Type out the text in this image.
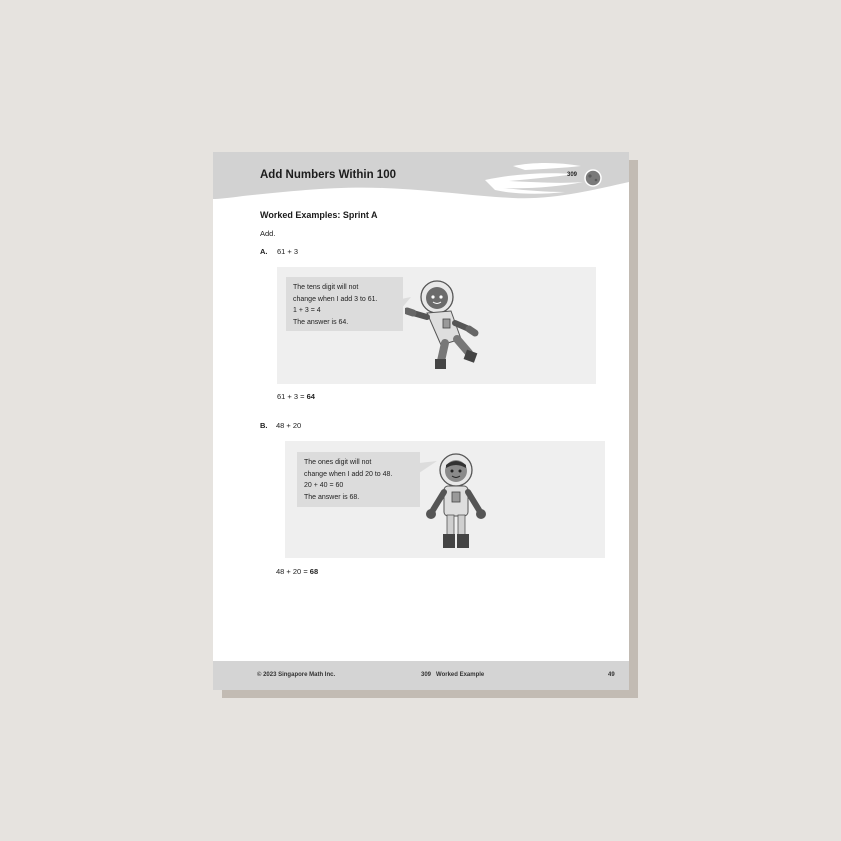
Add Numbers Within 100	309
Worked Examples: Sprint A
Add.
A. 61 + 3
The tens digit will not
change when I add 3 to 61.
1 + 3 = 4
The answer is 64.
61 + 3 = 64
B. 48 + 20
The ones digit will not
change when I add 20 to 48.
20 + 40 = 60
The answer is 68.
48 + 20 = 68
© 2023 Singapore Math Inc.	309   Worked Example	49
